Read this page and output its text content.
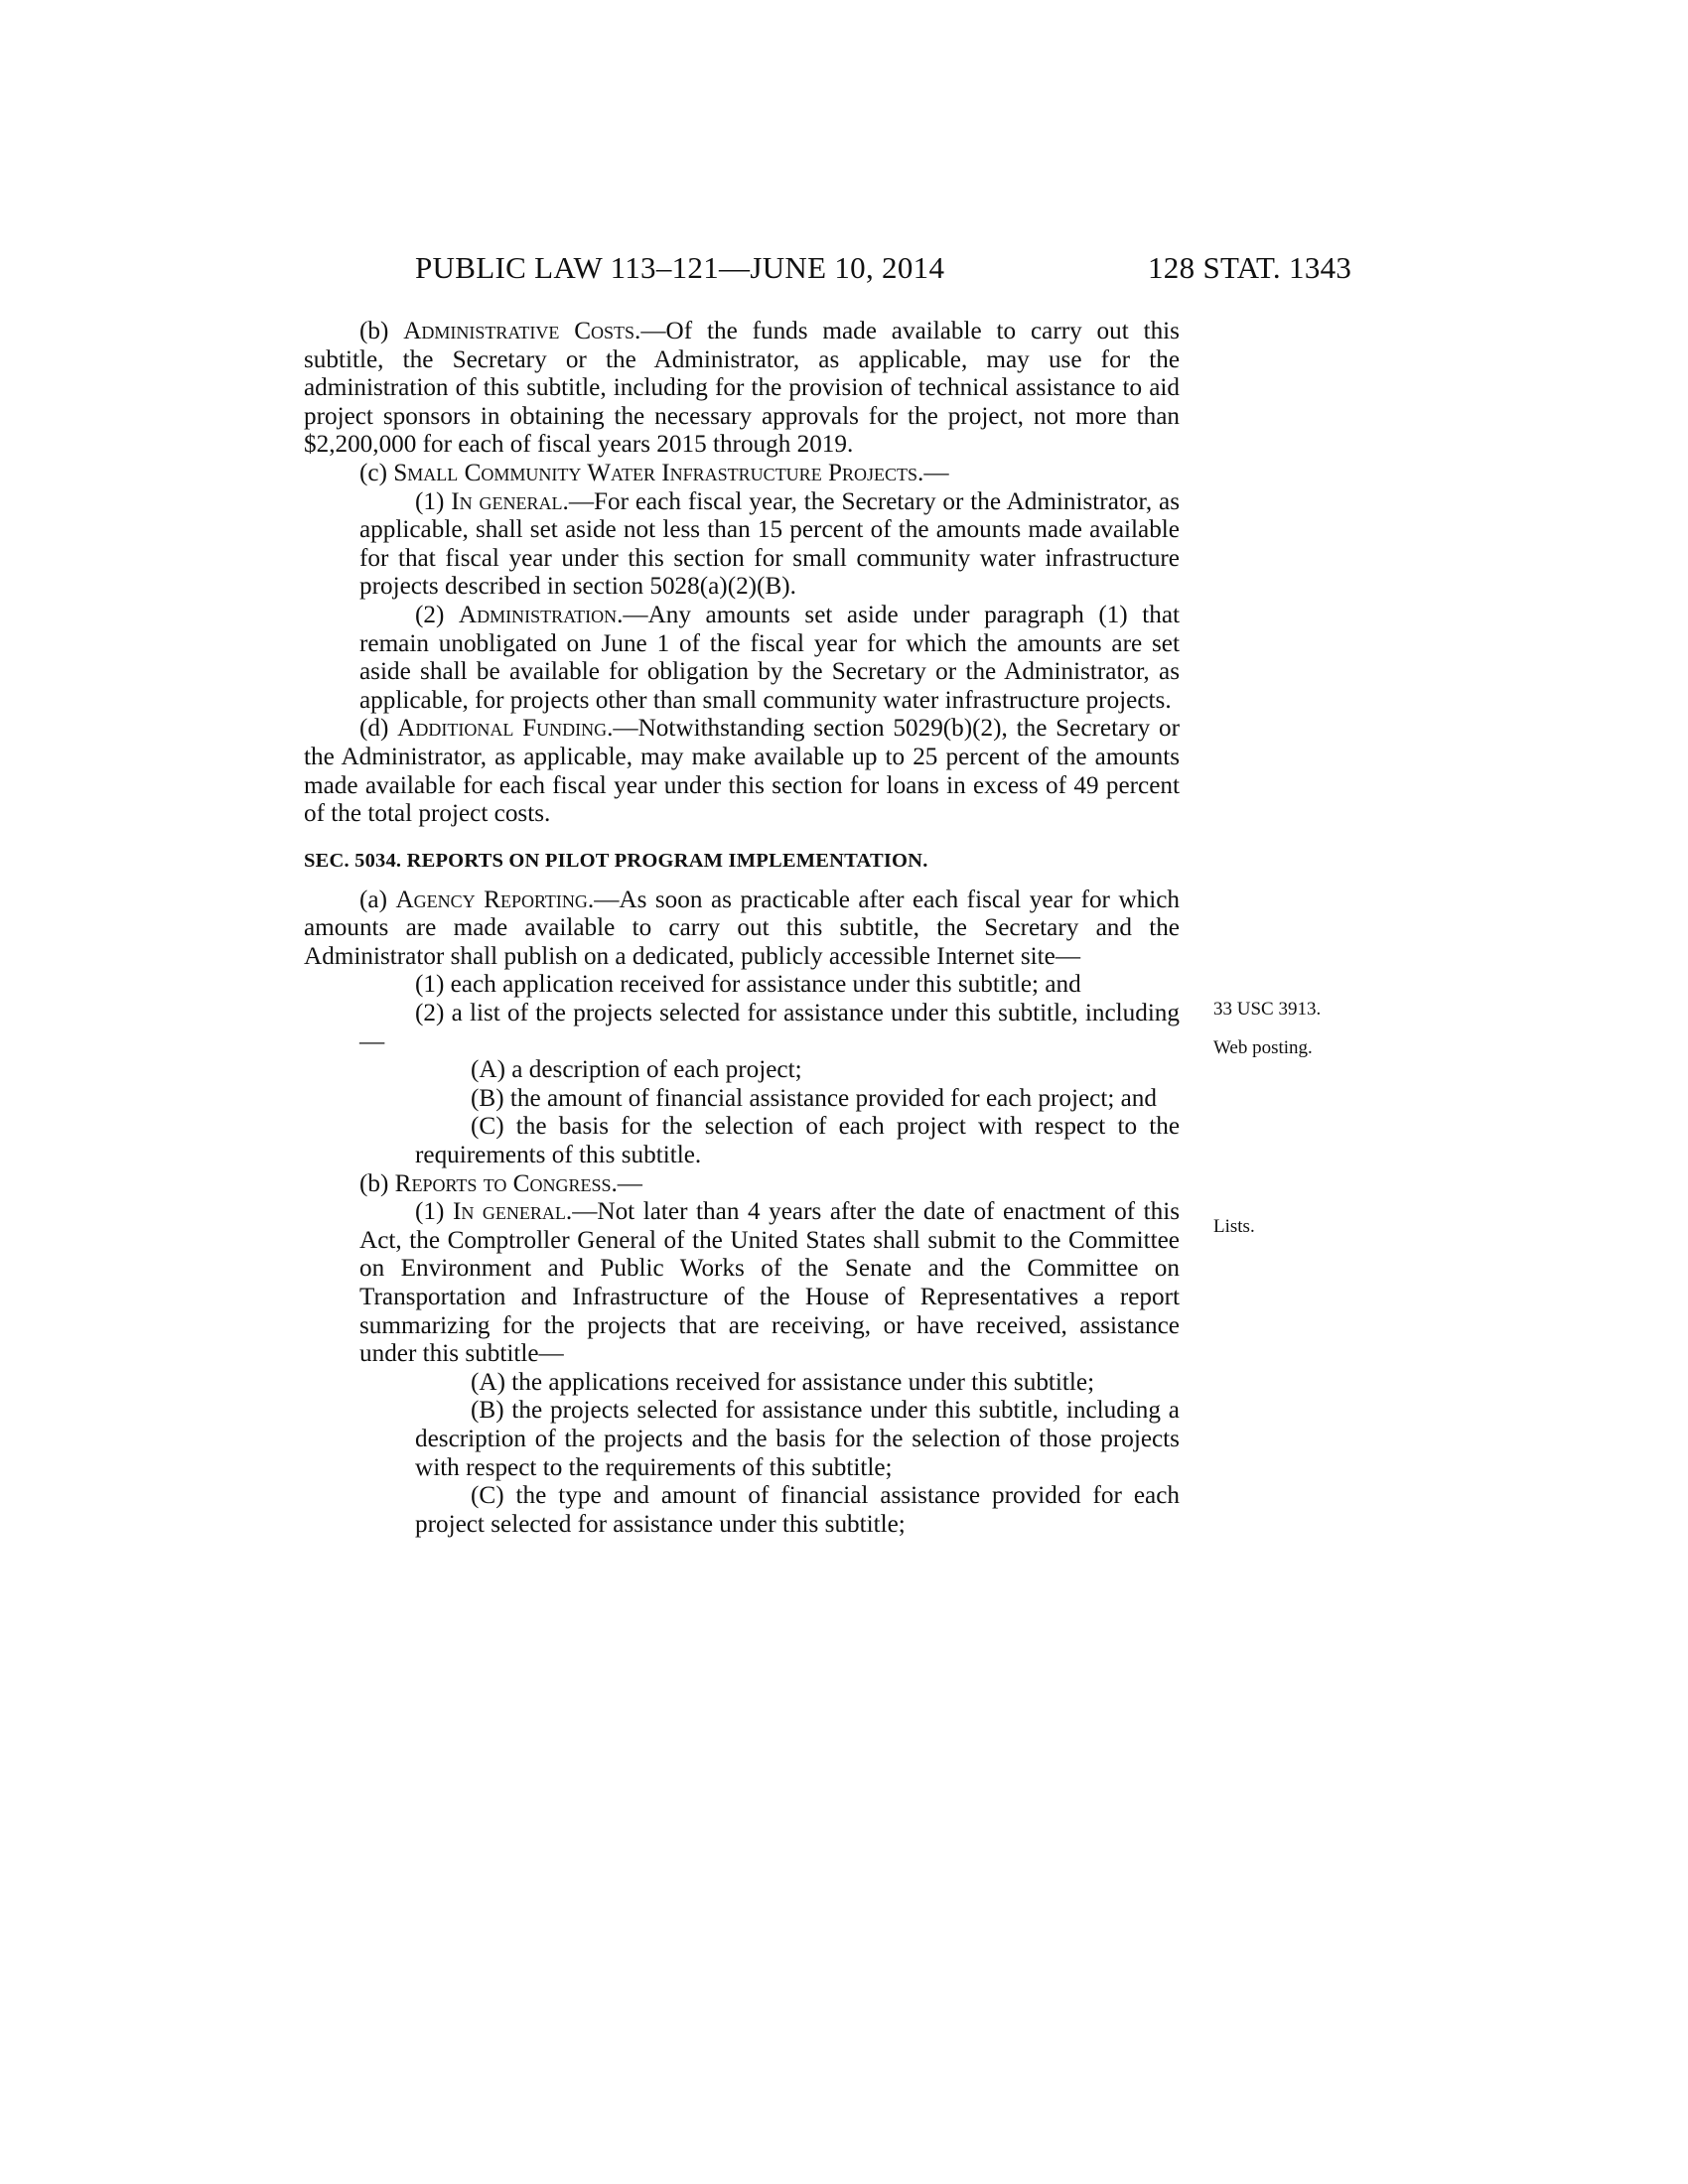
PUBLIC LAW 113–121—JUNE 10, 2014	128 STAT. 1343

(b) Administrative Costs.—Of the funds made available to carry out this subtitle, the Secretary or the Administrator, as applicable, may use for the administration of this subtitle, including for the provision of technical assistance to aid project sponsors in obtaining the necessary approvals for the project, not more than $2,200,000 for each of fiscal years 2015 through 2019.

(c) Small Community Water Infrastructure Projects.—

(1) In general.—For each fiscal year, the Secretary or the Administrator, as applicable, shall set aside not less than 15 percent of the amounts made available for that fiscal year under this section for small community water infrastructure projects described in section 5028(a)(2)(B).

(2) Administration.—Any amounts set aside under paragraph (1) that remain unobligated on June 1 of the fiscal year for which the amounts are set aside shall be available for obligation by the Secretary or the Administrator, as applicable, for projects other than small community water infrastructure projects.

(d) Additional Funding.—Notwithstanding section 5029(b)(2), the Secretary or the Administrator, as applicable, may make available up to 25 percent of the amounts made available for each fiscal year under this section for loans in excess of 49 percent of the total project costs.

SEC. 5034. REPORTS ON PILOT PROGRAM IMPLEMENTATION.

(a) Agency Reporting.—As soon as practicable after each fiscal year for which amounts are made available to carry out this subtitle, the Secretary and the Administrator shall publish on a dedicated, publicly accessible Internet site—

(1) each application received for assistance under this subtitle; and

(2) a list of the projects selected for assistance under this subtitle, including—

(A) a description of each project;

(B) the amount of financial assistance provided for each project; and

(C) the basis for the selection of each project with respect to the requirements of this subtitle.

(b) Reports to Congress.—

(1) In general.—Not later than 4 years after the date of enactment of this Act, the Comptroller General of the United States shall submit to the Committee on Environment and Public Works of the Senate and the Committee on Transportation and Infrastructure of the House of Representatives a report summarizing for the projects that are receiving, or have received, assistance under this subtitle—

(A) the applications received for assistance under this subtitle;

(B) the projects selected for assistance under this subtitle, including a description of the projects and the basis for the selection of those projects with respect to the requirements of this subtitle;

(C) the type and amount of financial assistance provided for each project selected for assistance under this subtitle;

33 USC 3913.
Web posting.
Lists.
